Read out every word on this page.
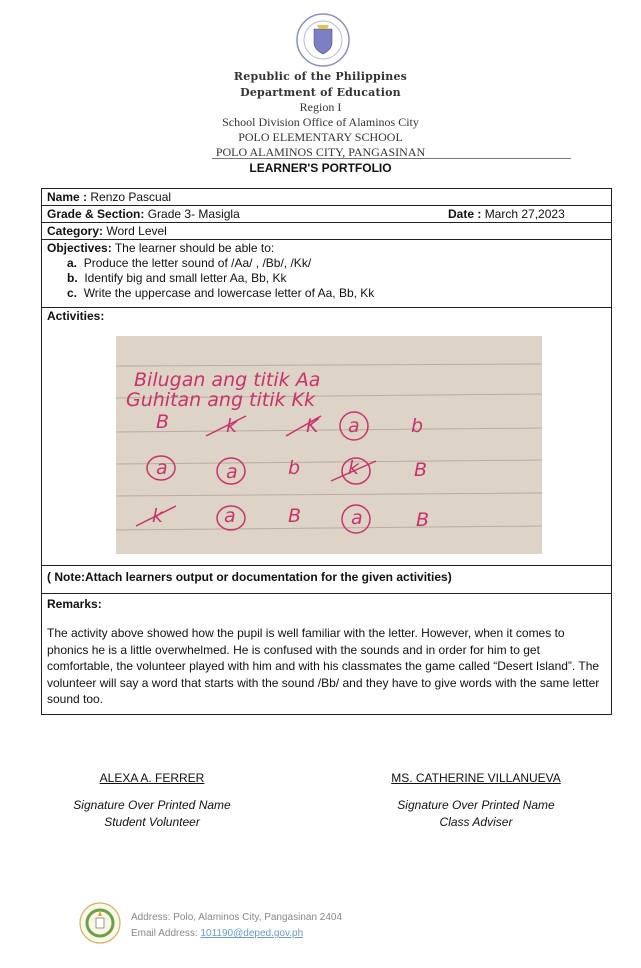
Republic of the Philippines
Department of Education
Region I
School Division Office of Alaminos City
POLO ELEMENTARY SCHOOL
POLO ALAMINOS CITY, PANGASINAN
LEARNER'S PORTFOLIO
Name : Renzo Pascual
Grade & Section: Grade 3- Masigla	Date : March 27,2023
Category: Word Level
Objectives: The learner should be able to:
a. Produce the letter sound of /Aa/ , /Bb/, /Kk/
b. Identify big and small letter Aa, Bb, Kk
c. Write the uppercase and lowercase letter of Aa, Bb, Kk
Activities:
Bilugan ang titik Aa
Guhitan ang titik Kk
B	k	K a	b
a	a	b	k	B
k	a	B	a	B
( Note:Attach learners output or documentation for the given activities)
Remarks:
The activity above showed how the pupil is well familiar with the letter. However, when it comes to phonics he is a little overwhelmed. He is confused with the sounds and in order for him to get comfortable, the volunteer played with him and with his classmates the game called “Desert Island”. The volunteer will say a word that starts with the sound /Bb/ and they have to give words with the same letter sound too.
ALEXA A. FERRER
Signature Over Printed Name
Student Volunteer
MS. CATHERINE VILLANUEVA
Signature Over Printed Name
Class Adviser
Address: Polo, Alaminos City, Pangasinan 2404
Email Address: 101190@deped.gov.ph
